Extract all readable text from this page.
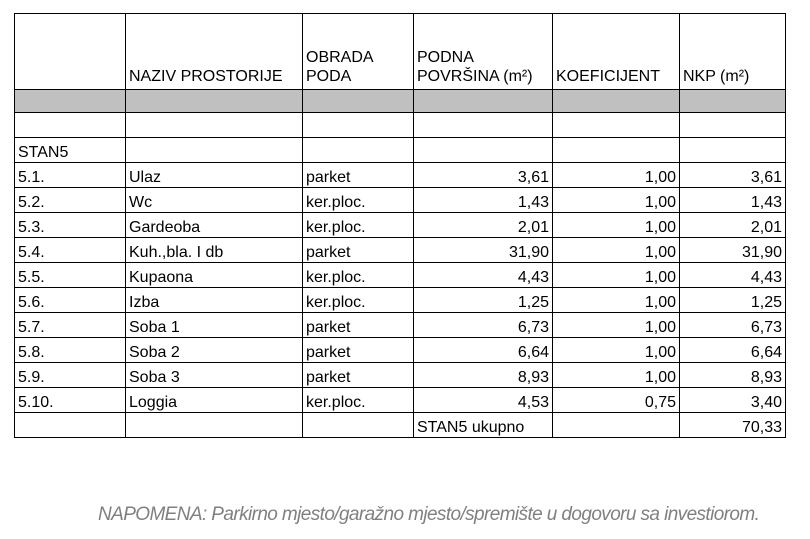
	NAZIV PROSTORIJE	OBRADA PODA	PODNA POVRŠINA (m²)	KOEFICIJENT	NKP (m²)

STAN5					
5.1.	Ulaz	parket	3,61	1,00	3,61
5.2.	Wc	ker.ploc.	1,43	1,00	1,43
5.3.	Gardeoba	ker.ploc.	2,01	1,00	2,01
5.4.	Kuh.,bla. I db	parket	31,90	1,00	31,90
5.5.	Kupaona	ker.ploc.	4,43	1,00	4,43
5.6.	Izba	ker.ploc.	1,25	1,00	1,25
5.7.	Soba 1	parket	6,73	1,00	6,73
5.8.	Soba 2	parket	6,64	1,00	6,64
5.9.	Soba 3	parket	8,93	1,00	8,93
5.10.	Loggia	ker.ploc.	4,53	0,75	3,40
			STAN5 ukupno		70,33
NAPOMENA: Parkirno mjesto/garažno mjesto/spremište u dogovoru sa investiorom.
